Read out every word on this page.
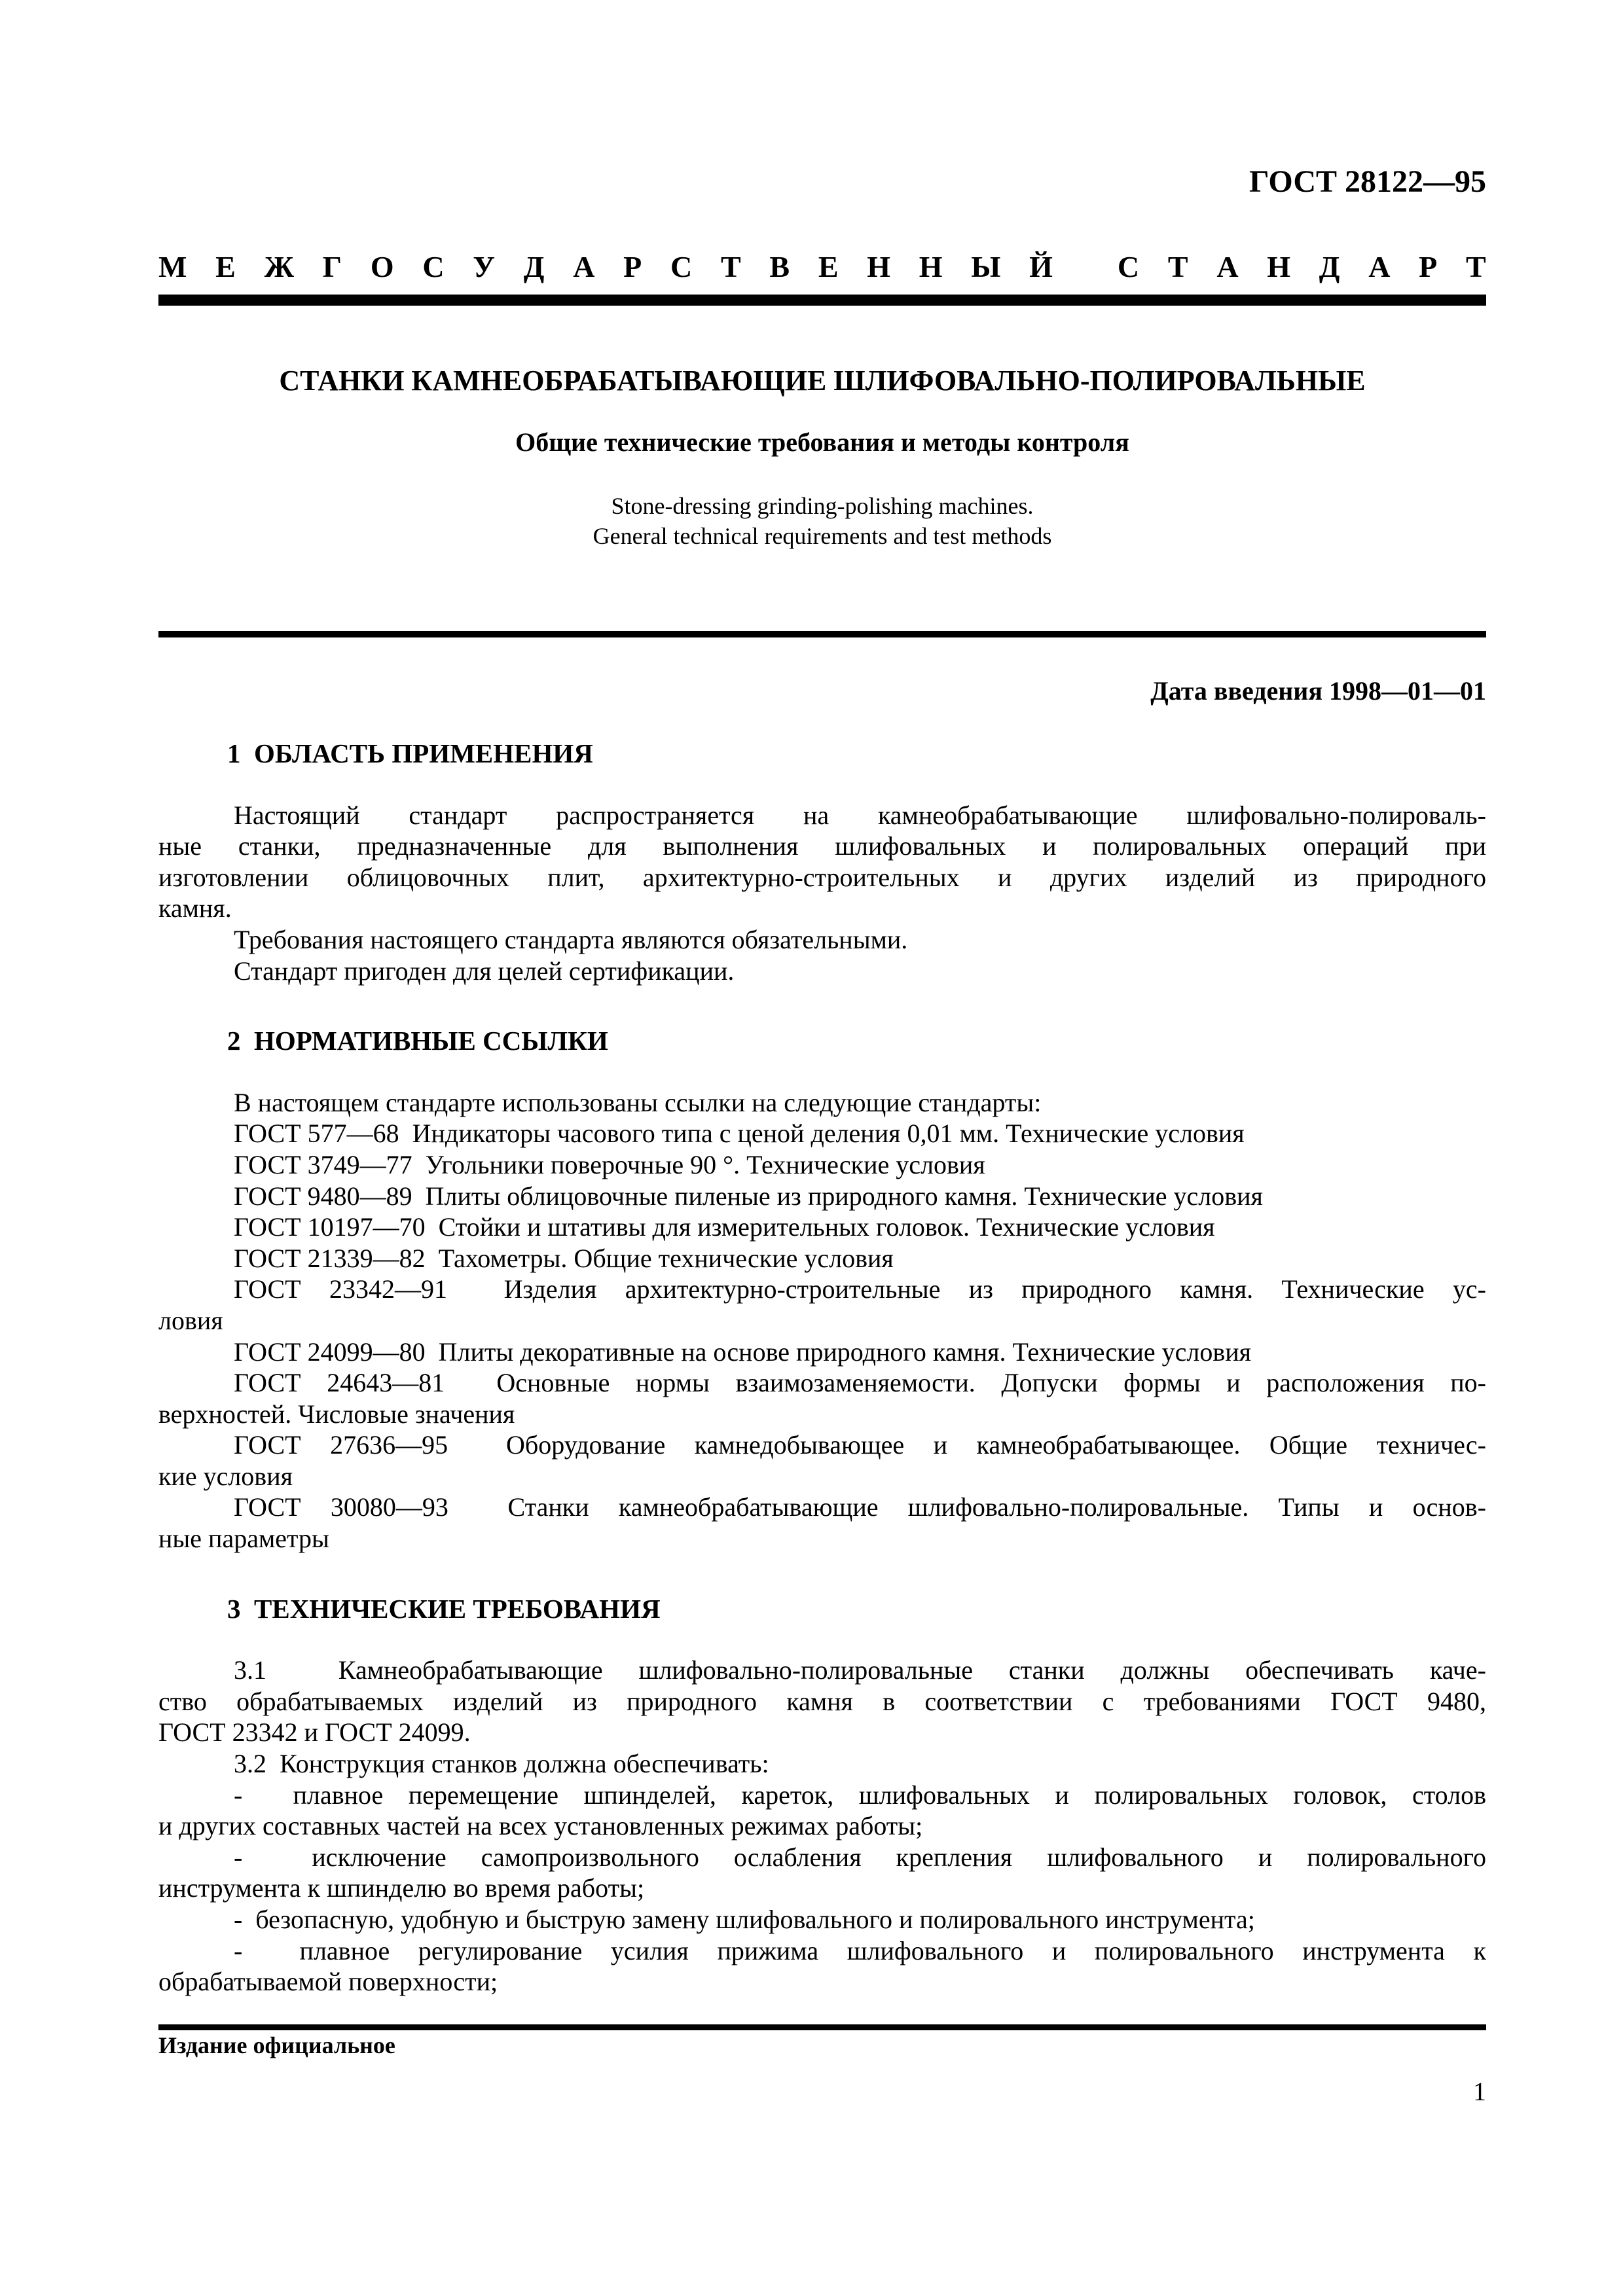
ГОСТ 28122—95
М Е Ж Г О С У Д А Р С Т В Е Н Н Ы Й
С Т А Н Д А Р Т
СТАНКИ КАМНЕОБРАБАТЫВАЮЩИЕ ШЛИФОВАЛЬНО-ПОЛИРОВАЛЬНЫЕ
Общие технические требования и методы контроля
Stone-dressing grinding-polishing machines.
General technical requirements and test methods
Дата введения 1998—01—01
1  ОБЛАСТЬ ПРИМЕНЕНИЯ
Настоящий стандарт распространяется на камнеобрабатывающие шлифовально-полироваль-
ные станки, предназначенные для выполнения шлифовальных и полировальных операций при
изготовлении облицовочных плит, архитектурно-строительных и других изделий из природного
камня.
Требования настоящего стандарта являются обязательными.
Стандарт пригоден для целей сертификации.
2  НОРМАТИВНЫЕ ССЫЛКИ
В настоящем стандарте использованы ссылки на следующие стандарты:
ГОСТ 577—68  Индикаторы часового типа с ценой деления 0,01 мм. Технические условия
ГОСТ 3749—77  Угольники поверочные 90 °. Технические условия
ГОСТ 9480—89  Плиты облицовочные пиленые из природного камня. Технические условия
ГОСТ 10197—70  Стойки и штативы для измерительных головок. Технические условия
ГОСТ 21339—82  Тахометры. Общие технические условия
ГОСТ 23342—91  Изделия архитектурно-строительные из природного камня. Технические ус-
ловия
ГОСТ 24099—80  Плиты декоративные на основе природного камня. Технические условия
ГОСТ 24643—81  Основные нормы взаимозаменяемости. Допуски формы и расположения по-
верхностей. Числовые значения
ГОСТ 27636—95  Оборудование камнедобывающее и камнеобрабатывающее. Общие техничес-
кие условия
ГОСТ 30080—93  Станки камнеобрабатывающие шлифовально-полировальные. Типы и основ-
ные параметры
3  ТЕХНИЧЕСКИЕ ТРЕБОВАНИЯ
3.1  Камнеобрабатывающие шлифовально-полировальные станки должны обеспечивать каче-
ство обрабатываемых изделий из природного камня в соответствии с требованиями ГОСТ 9480,
ГОСТ 23342 и ГОСТ 24099.
3.2  Конструкция станков должна обеспечивать:
-  плавное перемещение шпинделей, кареток, шлифовальных и полировальных головок, столов
и других составных частей на всех установленных режимах работы;
-  исключение самопроизвольного ослабления крепления шлифовального и полировального
инструмента к шпинделю во время работы;
-  безопасную, удобную и быструю замену шлифовального и полировального инструмента;
-  плавное регулирование усилия прижима шлифовального и полировального инструмента к
обрабатываемой поверхности;
Издание официальное
1
